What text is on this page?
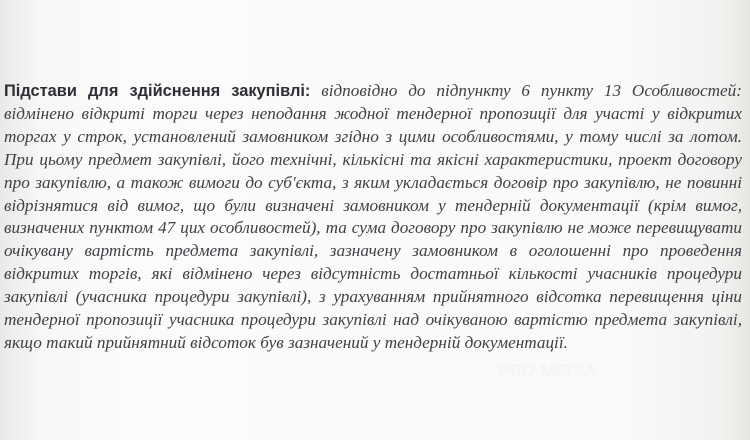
Підстави для здійснення закупівлі: відповідно до підпункту 6 пункту 13 Особливостей: відмінено відкриті торги через неподання жодної тендерної пропозиції для участі у відкритих торгах у строк, установлений замовником згідно з цими особливостями, у тому числі за лотом. При цьому предмет закупівлі, його технічні, кількісні та якісні характеристики, проект договору про закупівлю, а також вимоги до суб'єкта, з яким укладається договір про закупівлю, не повинні відрізнятися від вимог, що були визначені замовником у тендерній документації (крім вимог, визначених пунктом 47 цих особливостей), та сума договору про закупівлю не може перевищувати очікувану вартість предмета закупівлі, зазначену замовником в оголошенні про проведення відкритих торгів, які відмінено через відсутність достатньої кількості учасників процедури закупівлі (учасника процедури закупівлі), з урахуванням прийнятного відсотка перевищення ціни тендерної пропозиції учасника процедури закупівлі над очікуваною вартістю предмета закупівлі, якщо такий прийнятний відсоток був зазначений у тендерній документації.

PRO.MEDIA
